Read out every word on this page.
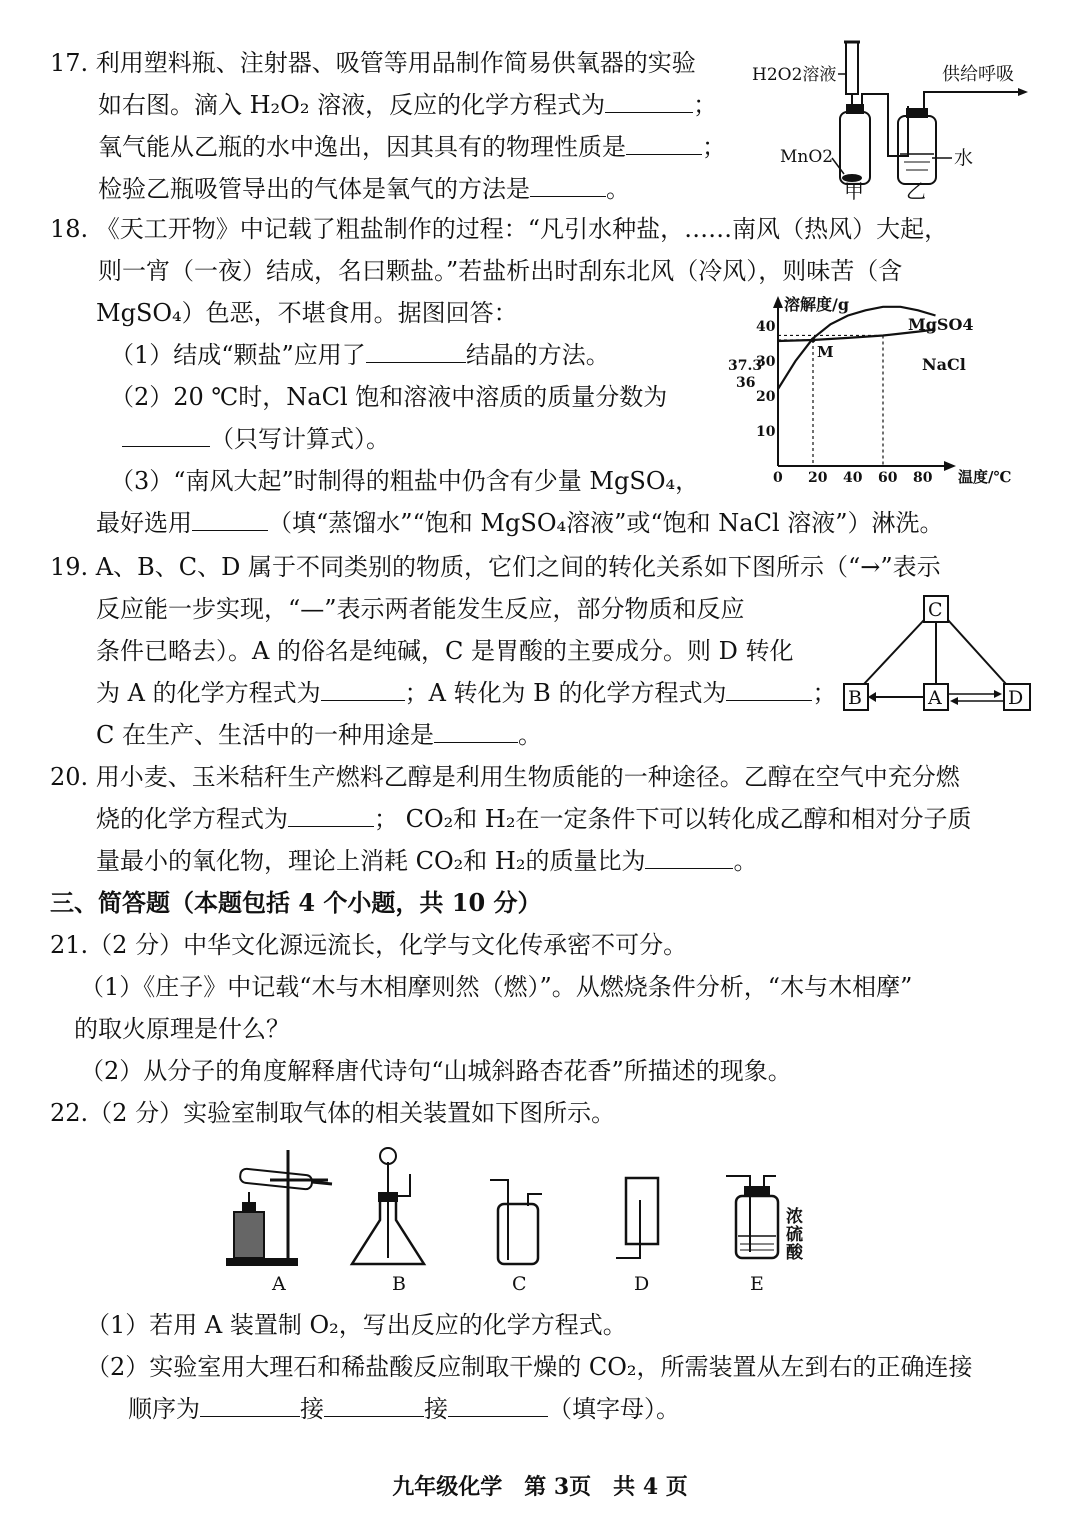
17. 利用塑料瓶、注射器、吸管等用品制作简易供氧器的实验
如右图。滴入 H₂O₂ 溶液，反应的化学方程式为	；
氧气能从乙瓶的水中逸出，因其具有的物理性质是	；
检验乙瓶吸管导出的气体是氧气的方法是	。
H2O2溶液	供给呼吸
MnO2	水
甲 乙
18. 《天工开物》中记载了粗盐制作的过程：“凡引水种盐，……南风（热风）大起，
则一宵（一夜）结成，名曰颗盐。”若盐析出时刮东北风（冷风），则味苦（含
MgSO₄）色恶，不堪食用。据图回答：
（1）结成“颗盐”应用了	结晶的方法。
（2）20 ℃时，NaCl 饱和溶液中溶质的质量分数为
（只写计算式）。
（3）“南风大起”时制得的粗盐中仍含有少量 MgSO₄，
最好选用	（填“蒸馏水”“饱和 MgSO₄溶液”或“饱和 NaCl 溶液”）淋洗。
溶解度/g
温度/℃
MgSO4
NaCl
37.3
36
10
20
30
40
0 20 40 60 80
M
19. A、B、C、D 属于不同类别的物质，它们之间的转化关系如下图所示（“→”表示
反应能一步实现，“—”表示两者能发生反应，部分物质和反应
条件已略去）。A 的俗名是纯碱，C 是胃酸的主要成分。则 D 转化
为 A 的化学方程式为	；A 转化为 B 的化学方程式为	；
C 在生产、生活中的一种用途是	。
C
B	A	D
20. 用小麦、玉米秸秆生产燃料乙醇是利用生物质能的一种途径。乙醇在空气中充分燃
烧的化学方程式为	； CO₂和 H₂在一定条件下可以转化成乙醇和相对分子质
量最小的氧化物，理论上消耗 CO₂和 H₂的质量比为	。
三、简答题（本题包括 4 个小题，共 10 分）
21.（2 分）中华文化源远流长，化学与文化传承密不可分。
（1）《庄子》中记载“木与木相摩则然（燃）”。从燃烧条件分析，“木与木相摩”
的取火原理是什么？
（2）从分子的角度解释唐代诗句“山城斜路杏花香”所描述的现象。
22.（2 分）实验室制取气体的相关装置如下图所示。
A	B	C	D
浓
硫
酸
E
（1）若用 A 装置制 O₂，写出反应的化学方程式。
（2）实验室用大理石和稀盐酸反应制取干燥的 CO₂，所需装置从左到右的正确连接
顺序为	接	接	（填字母）。
九年级化学　第 3页　共 4 页
